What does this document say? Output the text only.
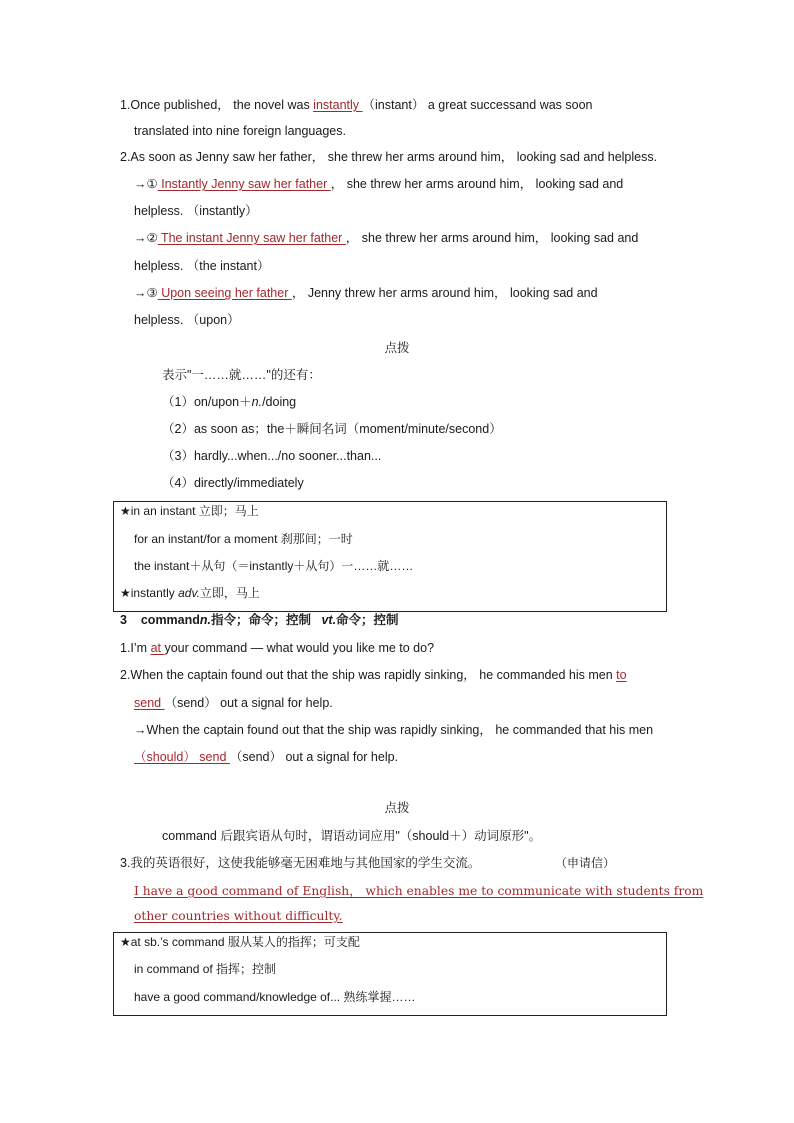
1.Once published， the novel was instantly （instant） a great successand was soon
translated into nine foreign languages.
2.As soon as Jenny saw her father， she threw her arms around him， looking sad and helpless.
→① Instantly Jenny saw her father ， she threw her arms around him， looking sad and
helpless. （instantly）
→② The instant Jenny saw her father ， she threw her arms around him， looking sad and
helpless. （the instant）
→③ Upon seeing her father ， Jenny threw her arms around him， looking sad and
helpless. （upon）
点拨
表示"一……就……"的还有：
（1）on/upon＋n./doing
（2）as soon as；the＋瞬间名词（moment/minute/second）
（3）hardly...when.../no sooner...than...
（4）directly/immediately
★in an instant 立即；马上
for an instant/for a moment 刹那间；一时
the instant＋从句（＝instantly＋从句）一……就……
★instantly adv.立即，马上
3 commandn.指令；命令；控制 vt.命令；控制
1.I’m at your command — what would you like me to do?
2.When the captain found out that the ship was rapidly sinking， he commanded his men to
send （send） out a signal for help.
→When the captain found out that the ship was rapidly sinking， he commanded that his men
（should） send （send） out a signal for help.
点拨
command 后跟宾语从句时，谓语动词应用"（should＋）动词原形"。
3.我的英语很好，这使我能够毫无困难地与其他国家的学生交流。	（申请信）
I have a good command of English， which enables me to communicate with students from
other countries without difficulty.
★at sb.’s command 服从某人的指挥；可支配
in command of 指挥；控制
have a good command/knowledge of... 熟练掌握……
